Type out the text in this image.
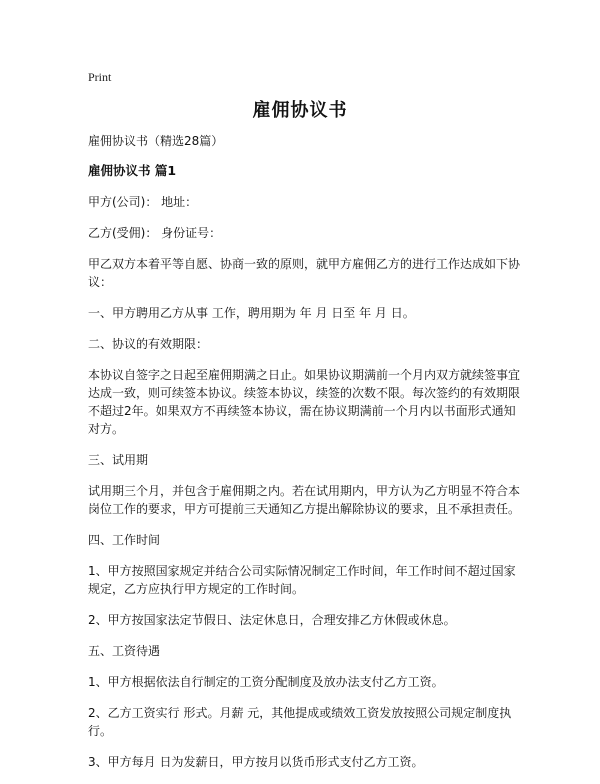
Print
雇佣协议书

雇佣协议书（精选28篇）

雇佣协议书 篇1

甲方(公司)： 地址：

乙方(受佣)： 身份证号：

甲乙双方本着平等自愿、协商一致的原则，就甲方雇佣乙方的进行工作达成如下协议：

一、甲方聘用乙方从事 工作，聘用期为 年 月 日至 年 月 日。

二、协议的有效期限：

本协议自签字之日起至雇佣期满之日止。如果协议期满前一个月内双方就续签事宜达成一致，则可续签本协议。续签本协议，续签的次数不限。每次签约的有效期限不超过2年。如果双方不再续签本协议，需在协议期满前一个月内以书面形式通知对方。

三、试用期

试用期三个月，并包含于雇佣期之内。若在试用期内，甲方认为乙方明显不符合本岗位工作的要求，甲方可提前三天通知乙方提出解除协议的要求，且不承担责任。

四、工作时间

1、甲方按照国家规定并结合公司实际情况制定工作时间，年工作时间不超过国家规定，乙方应执行甲方规定的工作时间。

2、甲方按国家法定节假日、法定休息日，合理安排乙方休假或休息。

五、工资待遇

1、甲方根据依法自行制定的工资分配制度及放办法支付乙方工资。

2、乙方工资实行 形式。月薪 元，其他提成或绩效工资发放按照公司规定制度执行。

3、甲方每月 日为发薪日，甲方按月以货币形式支付乙方工资。
